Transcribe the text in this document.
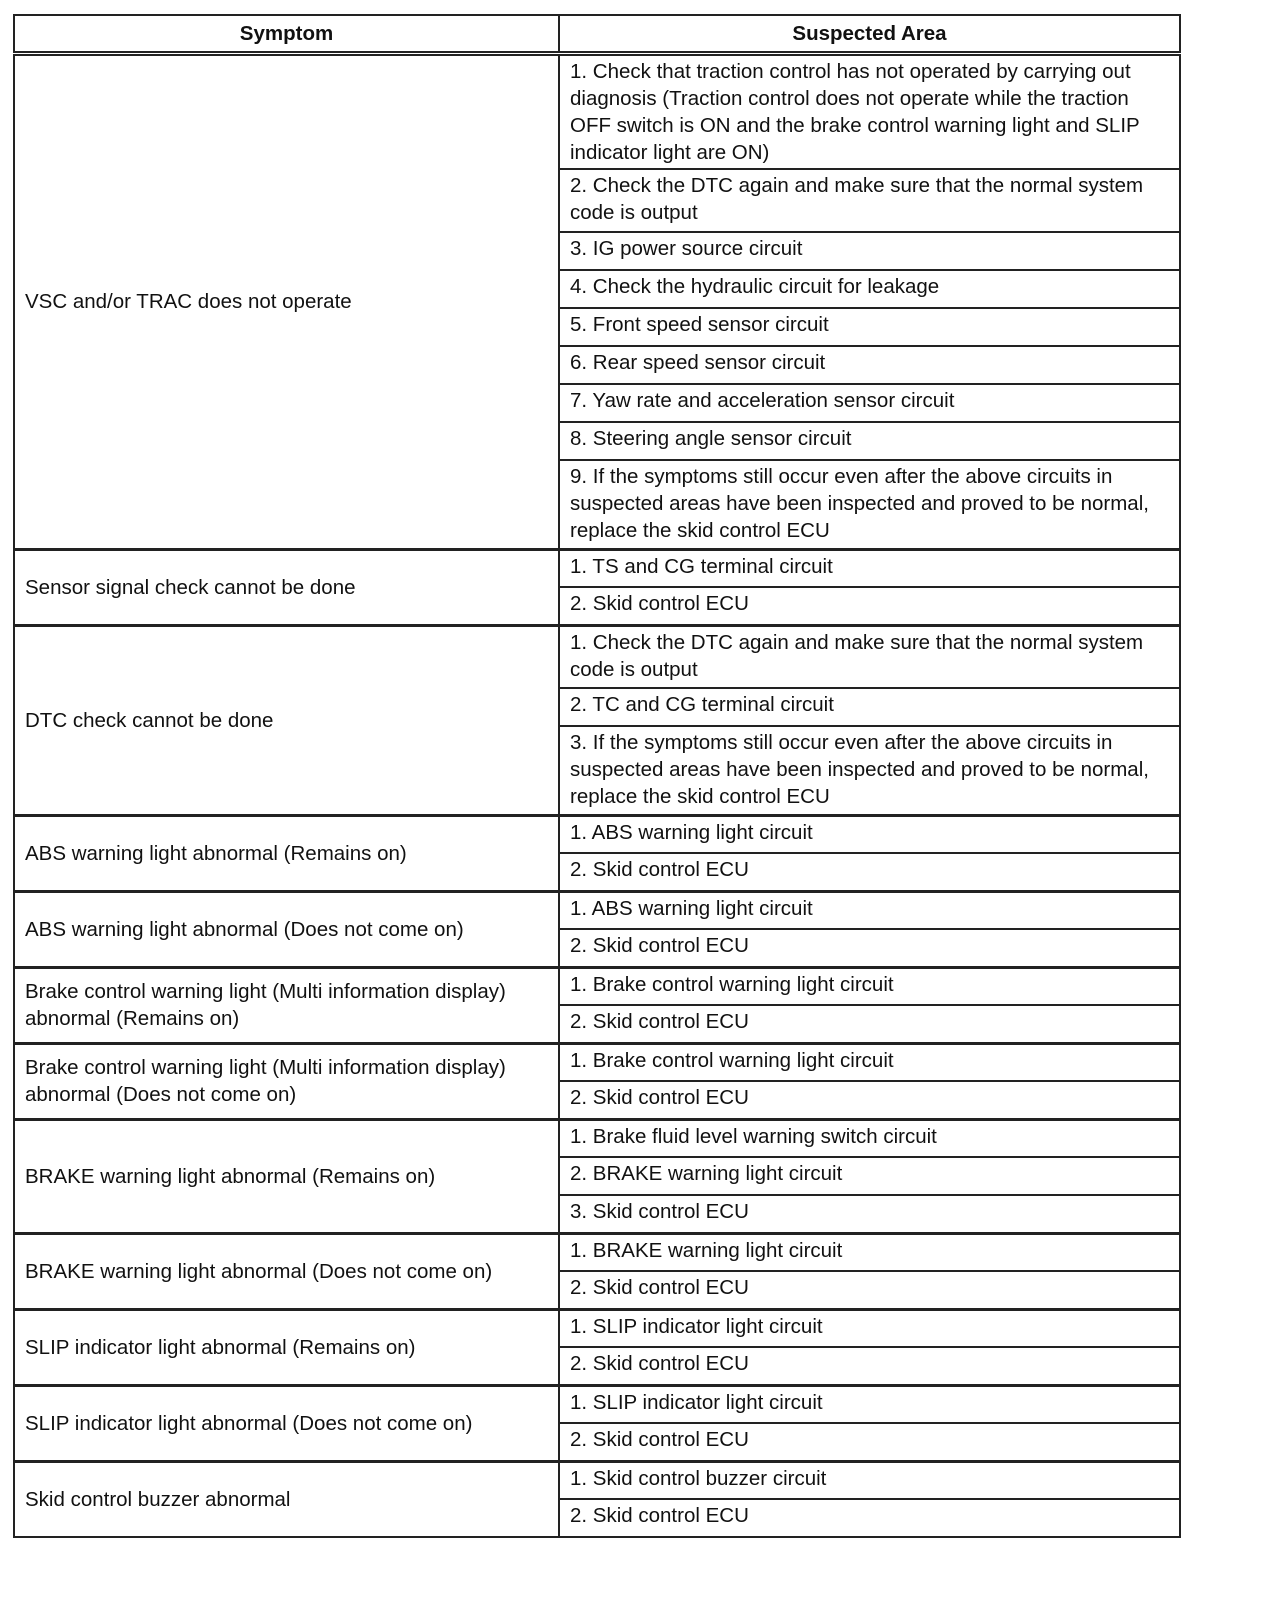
Symptom	Suspected Area
VSC and/or TRAC does not operate	1. Check that traction control has not operated by carrying out diagnosis (Traction control does not operate while the traction OFF switch is ON and the brake control warning light and SLIP indicator light are ON)
	2. Check the DTC again and make sure that the normal system code is output
	3. IG power source circuit
	4. Check the hydraulic circuit for leakage
	5. Front speed sensor circuit
	6. Rear speed sensor circuit
	7. Yaw rate and acceleration sensor circuit
	8. Steering angle sensor circuit
	9. If the symptoms still occur even after the above circuits in suspected areas have been inspected and proved to be normal, replace the skid control ECU
Sensor signal check cannot be done	1. TS and CG terminal circuit
	2. Skid control ECU
DTC check cannot be done	1. Check the DTC again and make sure that the normal system code is output
	2. TC and CG terminal circuit
	3. If the symptoms still occur even after the above circuits in suspected areas have been inspected and proved to be normal, replace the skid control ECU
ABS warning light abnormal (Remains on)	1. ABS warning light circuit
	2. Skid control ECU
ABS warning light abnormal (Does not come on)	1. ABS warning light circuit
	2. Skid control ECU
Brake control warning light (Multi information display) abnormal (Remains on)	1. Brake control warning light circuit
	2. Skid control ECU
Brake control warning light (Multi information display) abnormal (Does not come on)	1. Brake control warning light circuit
	2. Skid control ECU
BRAKE warning light abnormal (Remains on)	1. Brake fluid level warning switch circuit
	2. BRAKE warning light circuit
	3. Skid control ECU
BRAKE warning light abnormal (Does not come on)	1. BRAKE warning light circuit
	2. Skid control ECU
SLIP indicator light abnormal (Remains on)	1. SLIP indicator light circuit
	2. Skid control ECU
SLIP indicator light abnormal (Does not come on)	1. SLIP indicator light circuit
	2. Skid control ECU
Skid control buzzer abnormal	1. Skid control buzzer circuit
	2. Skid control ECU
